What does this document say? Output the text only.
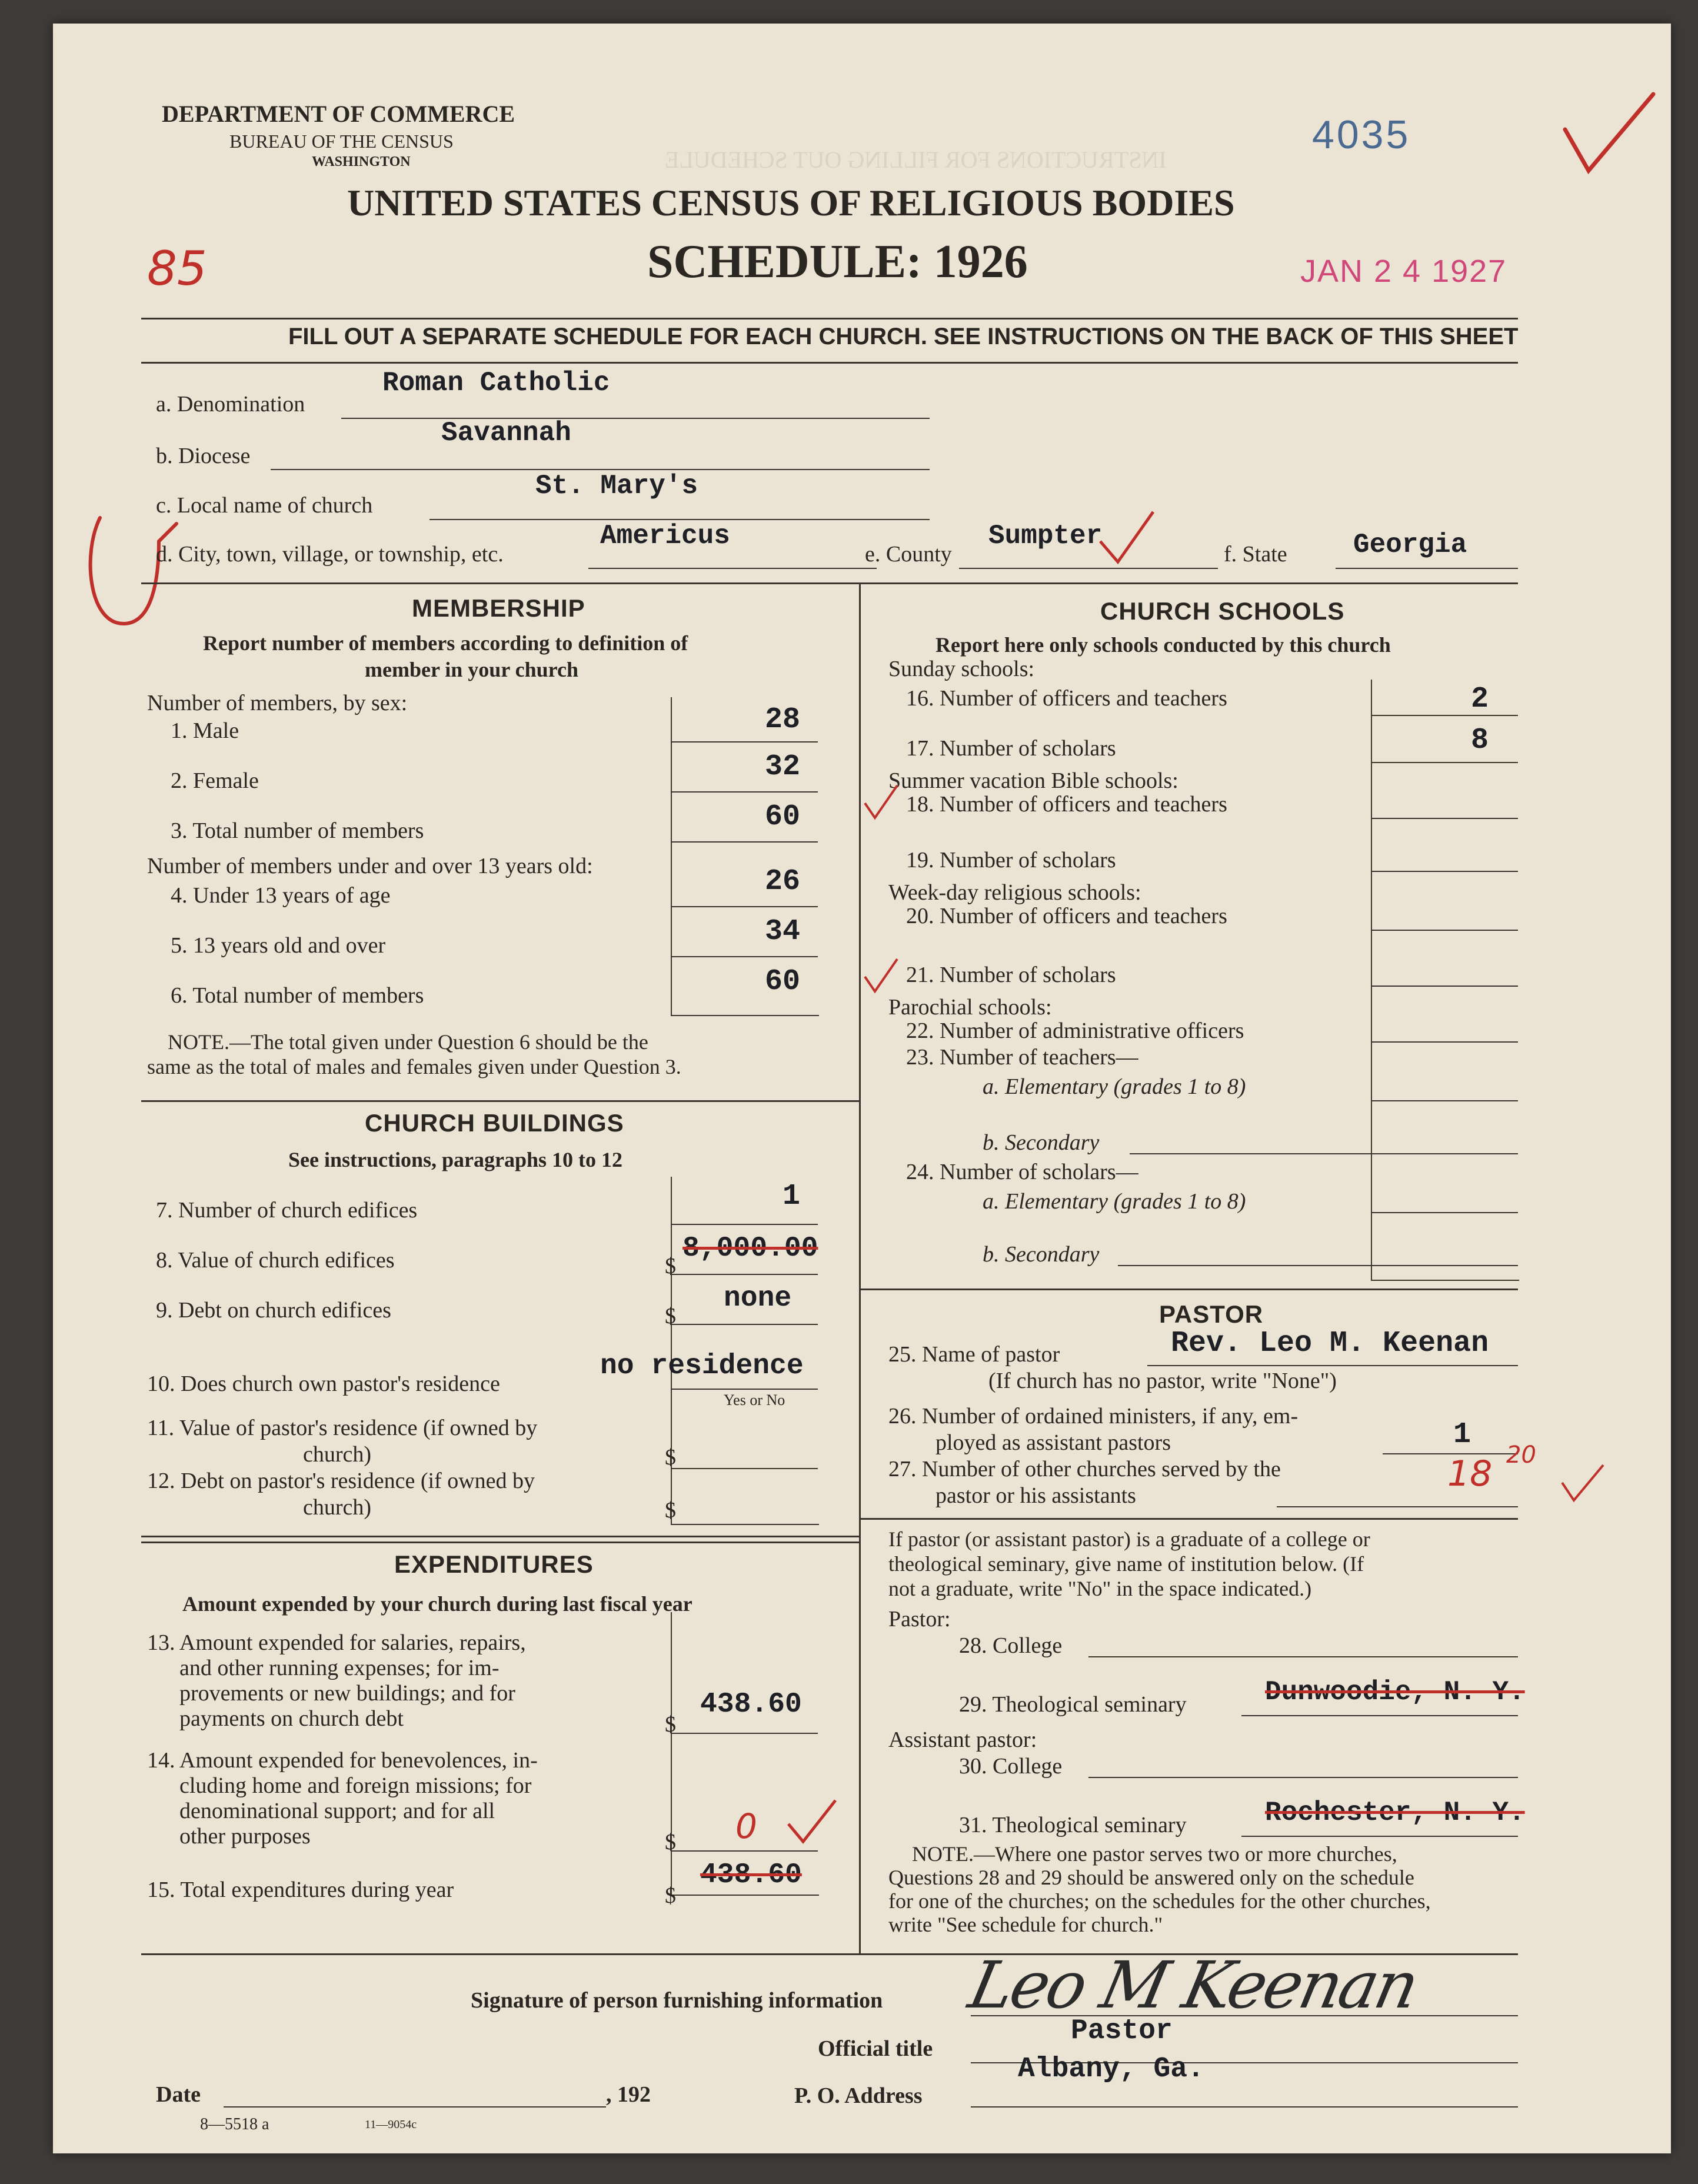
INSTRUCTIONS FOR FILLING OUT SCHEDULE
DEPARTMENT OF COMMERCE
BUREAU OF THE CENSUS
WASHINGTON
4035
UNITED STATES CENSUS OF RELIGIOUS BODIES
85	SCHEDULE: 1926	JAN 2 4 1927
FILL OUT A SEPARATE SCHEDULE FOR EACH CHURCH. SEE INSTRUCTIONS ON THE BACK OF THIS SHEET
Roman Catholic
a. Denomination
Savannah
b. Diocese
St. Mary's
c. Local name of church
Americus
d. City, town, village, or township, etc.	e. County
Sumpter
f. State Georgia
MEMBERSHIP
Report number of members according to definition of
member in your church
Number of members, by sex:
1. Male	28
2. Female	32
3. Total number of members	60
Number of members under and over 13 years old:
4. Under 13 years of age	26
5. 13 years old and over	34
6. Total number of members	60
NOTE.—The total given under Question 6 should be the
same as the total of males and females given under Question 3.
CHURCH BUILDINGS
See instructions, paragraphs 10 to 12
7. Number of church edifices	1
8. Value of church edifices	$
8,000.00
9. Debt on church edifices	$
none
10. Does church own pastor's residence
no residence
Yes or No
11. Value of pastor's residence (if owned by
church)	$
12. Debt on pastor's residence (if owned by
church)	$
EXPENDITURES
Amount expended by your church during last fiscal year
13. Amount expended for salaries, repairs,
and other running expenses; for im-
provements or new buildings; and for
payments on church debt	$
438.60
14. Amount expended for benevolences, in-
cluding home and foreign missions; for
denominational support; and for all
other purposes	$ 0
15. Total expenditures during year	$
438.60
CHURCH SCHOOLS
Report here only schools conducted by this church
Sunday schools:
16. Number of officers and teachers	2
17. Number of scholars	8
Summer vacation Bible schools:
18. Number of officers and teachers
19. Number of scholars
Week-day religious schools:
20. Number of officers and teachers
21. Number of scholars
Parochial schools:
22. Number of administrative officers
23. Number of teachers—
a. Elementary (grades 1 to 8)
b. Secondary
24. Number of scholars—
a. Elementary (grades 1 to 8)
b. Secondary
PASTOR
25. Name of pastor	Rev. Leo M. Keenan
(If church has no pastor, write "None")
26. Number of ordained ministers, if any, em-
ployed as assistant pastors	1
27. Number of other churches served by the
pastor or his assistants
18 20
If pastor (or assistant pastor) is a graduate of a college or
theological seminary, give name of institution below. (If
not a graduate, write "No" in the space indicated.)
Pastor:
28. College
29. Theological seminary	Dunwoodie, N. Y.
Assistant pastor:
30. College
31. Theological seminary	Rochester, N. Y.
NOTE.—Where one pastor serves two or more churches,
Questions 28 and 29 should be answered only on the schedule
for one of the churches; on the schedules for the other churches,
write "See schedule for church."
Signature of person furnishing information Leo M Keenan
Official title
Pastor
Date	, 192	P. O. Address
Albany, Ga.
8—5518 a	11—9054c
